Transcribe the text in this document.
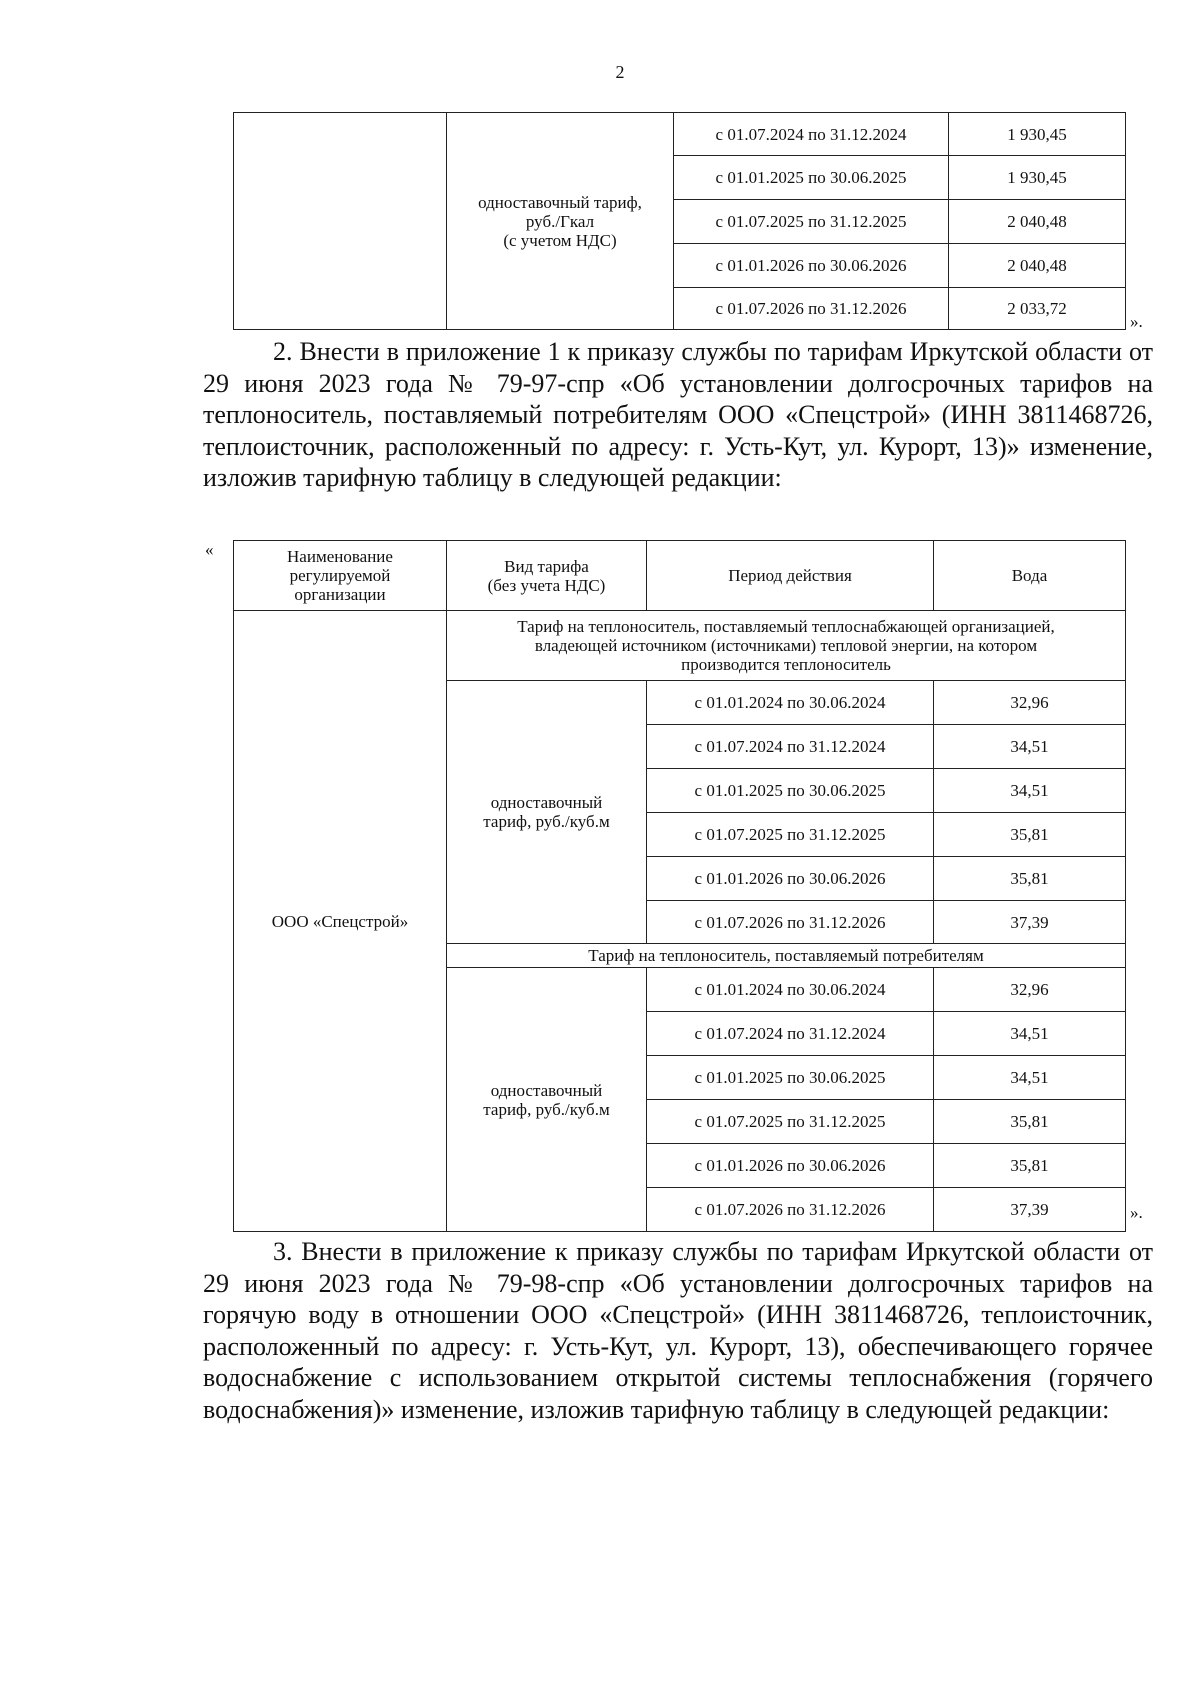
2
	одноставочный тариф,
руб./Гкал
(с учетом НДС)	с 01.07.2024 по 31.12.2024	1 930,45
		с 01.01.2025 по 30.06.2025	1 930,45
		с 01.07.2025 по 31.12.2025	2 040,48
		с 01.01.2026 по 30.06.2026	2 040,48
		с 01.07.2026 по 31.12.2026	2 033,72
».

2. Внести в приложение 1 к приказу службы по тарифам Иркутской области от 29 июня 2023 года № 79-97-спр «Об установлении долгосрочных тарифов на теплоноситель, поставляемый потребителям ООО «Спецстрой» (ИНН 3811468726, теплоисточник, расположенный по адресу: г. Усть-Кут, ул. Курорт, 13)» изменение, изложив тарифную таблицу в следующей редакции:

«	Наименование
регулируемой
организации	Вид тарифа
(без учета НДС)	Период действия	Вода
ООО «Спецстрой»	Тариф на теплоноситель, поставляемый теплоснабжающей организацией,
владеющей источником (источниками) тепловой энергии, на котором
производится теплоноситель		
	одноставочный
тариф, руб./куб.м	с 01.01.2024 по 30.06.2024	32,96
		с 01.07.2024 по 31.12.2024	34,51
		с 01.01.2025 по 30.06.2025	34,51
		с 01.07.2025 по 31.12.2025	35,81
		с 01.01.2026 по 30.06.2026	35,81
		с 01.07.2026 по 31.12.2026	37,39
	Тариф на теплоноситель, поставляемый потребителям		
	одноставочный
тариф, руб./куб.м	с 01.01.2024 по 30.06.2024	32,96
		с 01.07.2024 по 31.12.2024	34,51
		с 01.01.2025 по 30.06.2025	34,51
		с 01.07.2025 по 31.12.2025	35,81
		с 01.01.2026 по 30.06.2026	35,81
		с 01.07.2026 по 31.12.2026	37,39	».

3. Внести в приложение к приказу службы по тарифам Иркутской области от 29 июня 2023 года № 79-98-спр «Об установлении долгосрочных тарифов на горячую воду в отношении ООО «Спецстрой» (ИНН 3811468726, теплоисточник, расположенный по адресу: г. Усть-Кут, ул. Курорт, 13), обеспечивающего горячее водоснабжение с использованием открытой системы теплоснабжения (горячего водоснабжения)» изменение, изложив тарифную таблицу в следующей редакции:
